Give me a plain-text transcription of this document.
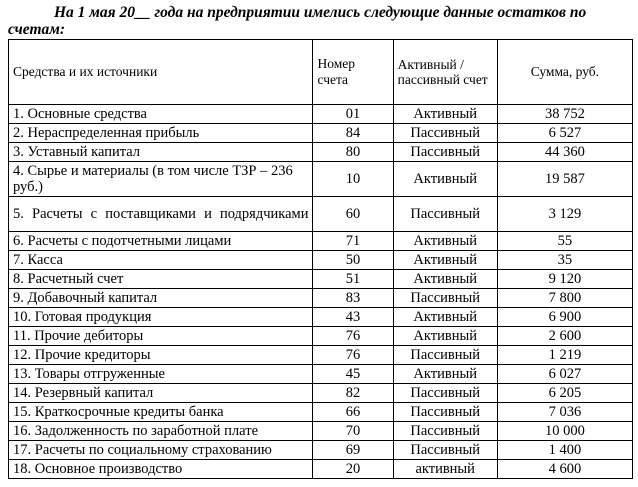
На 1 мая 20__ года на предприятии имелись следующие данные остатков по счетам:

Средства и их источники	Номер счета	Активный / пассивный счет	Сумма, руб.
1. Основные средства	01	Активный	38 752
2. Нераспределенная прибыль	84	Пассивный	6 527
3. Уставный капитал	80	Пассивный	44 360
4. Сырье и материалы (в том числе ТЗР – 236 руб.)	10	Активный	19 587
5. Расчеты с поставщиками и подрядчиками	60	Пассивный	3 129
6. Расчеты с подотчетными лицами	71	Активный	55
7. Касса	50	Активный	35
8. Расчетный счет	51	Активный	9 120
9. Добавочный капитал	83	Пассивный	7 800
10. Готовая продукция	43	Активный	6 900
11. Прочие дебиторы	76	Активный	2 600
12. Прочие кредиторы	76	Пассивный	1 219
13. Товары отгруженные	45	Активный	6 027
14. Резервный капитал	82	Пассивный	6 205
15. Краткосрочные кредиты банка	66	Пассивный	7 036
16. Задолженность по заработной плате	70	Пассивный	10 000
17. Расчеты по социальному страхованию	69	Пассивный	1 400
18. Основное производство	20	активный	4 600
